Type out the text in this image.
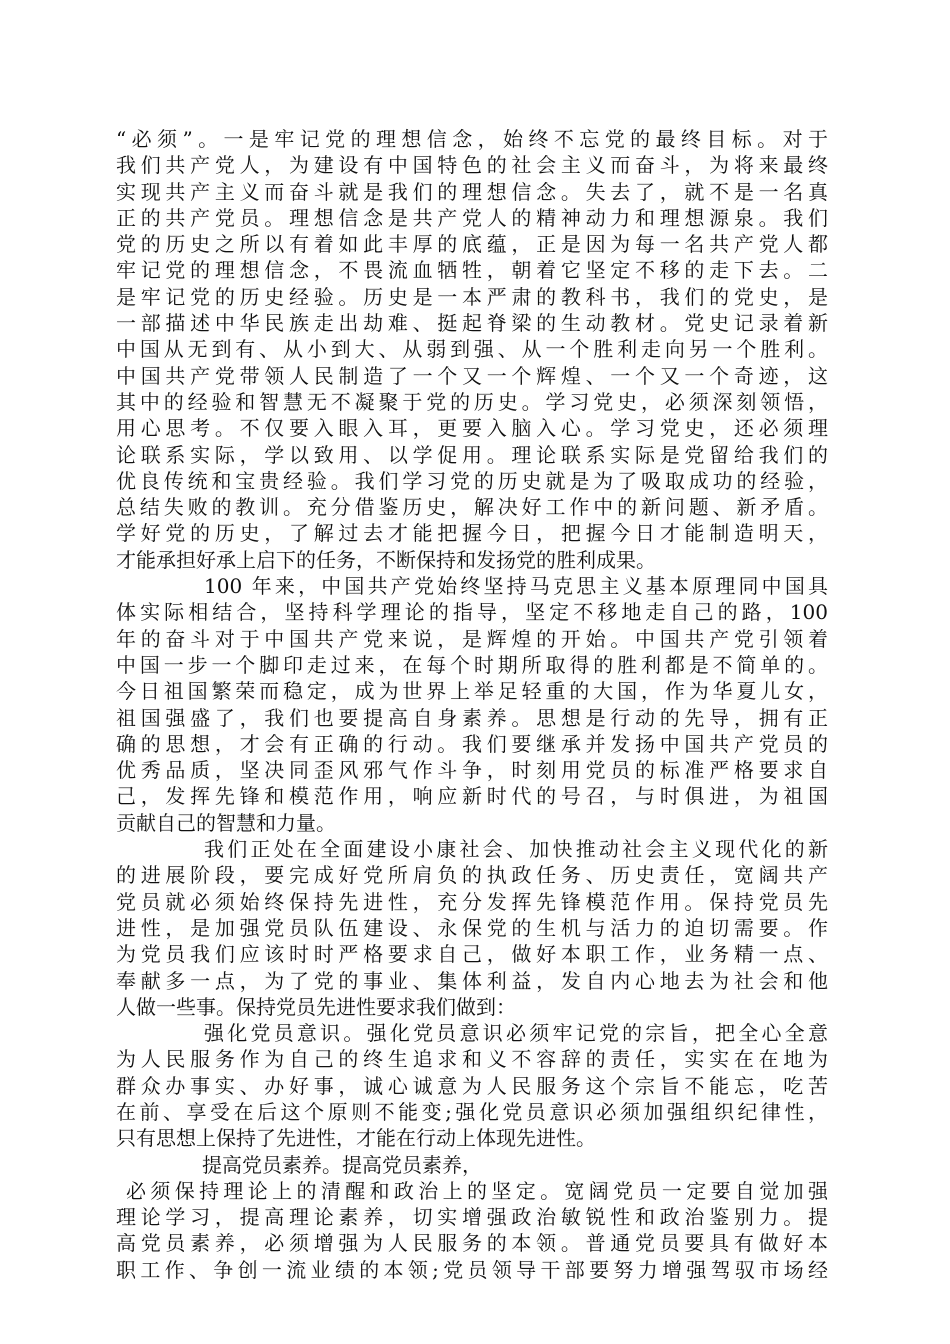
“必须”。一是牢记党的理想信念，始终不忘党的最终目标。对于
我们共产党人，为建设有中国特色的社会主义而奋斗，为将来最终
实现共产主义而奋斗就是我们的理想信念。失去了，就不是一名真
正的共产党员。理想信念是共产党人的精神动力和理想源泉。我们
党的历史之所以有着如此丰厚的底蕴，正是因为每一名共产党人都
牢记党的理想信念，不畏流血牺牲，朝着它坚定不移的走下去。二
是牢记党的历史经验。历史是一本严肃的教科书，我们的党史，是
一部描述中华民族走出劫难、挺起脊梁的生动教材。党史记录着新
中国从无到有、从小到大、从弱到强、从一个胜利走向另一个胜利。
中国共产党带领人民制造了一个又一个辉煌、一个又一个奇迹，这
其中的经验和智慧无不凝聚于党的历史。学习党史，必须深刻领悟，
用心思考。不仅要入眼入耳，更要入脑入心。学习党史，还必须理
论联系实际，学以致用、以学促用。理论联系实际是党留给我们的
优良传统和宝贵经验。我们学习党的历史就是为了吸取成功的经验，
总结失败的教训。充分借鉴历史，解决好工作中的新问题、新矛盾。
学好党的历史，了解过去才能把握今日，把握今日才能制造明天，
才能承担好承上启下的任务，不断保持和发扬党的胜利成果。
100 年来，中国共产党始终坚持马克思主义基本原理同中国具
体实际相结合，坚持科学理论的指导，坚定不移地走自己的路，100
年的奋斗对于中国共产党来说，是辉煌的开始。中国共产党引领着
中国一步一个脚印走过来，在每个时期所取得的胜利都是不简单的。
今日祖国繁荣而稳定，成为世界上举足轻重的大国，作为华夏儿女，
祖国强盛了，我们也要提高自身素养。思想是行动的先导，拥有正
确的思想，才会有正确的行动。我们要继承并发扬中国共产党员的
优秀品质，坚决同歪风邪气作斗争，时刻用党员的标准严格要求自
己，发挥先锋和模范作用，响应新时代的号召，与时俱进，为祖国
贡献自己的智慧和力量。
我们正处在全面建设小康社会、加快推动社会主义现代化的新
的进展阶段，要完成好党所肩负的执政任务、历史责任，宽阔共产
党员就必须始终保持先进性，充分发挥先锋模范作用。保持党员先
进性，是加强党员队伍建设、永保党的生机与活力的迫切需要。作
为党员我们应该时时严格要求自己，做好本职工作，业务精一点、
奉献多一点，为了党的事业、集体利益，发自内心地去为社会和他
人做一些事。保持党员先进性要求我们做到：
强化党员意识。强化党员意识必须牢记党的宗旨，把全心全意
为人民服务作为自己的终生追求和义不容辞的责任，实实在在地为
群众办事实、办好事，诚心诚意为人民服务这个宗旨不能忘，吃苦
在前、享受在后这个原则不能变;强化党员意识必须加强组织纪律性，
只有思想上保持了先进性，才能在行动上体现先进性。
提高党员素养。提高党员素养，
必须保持理论上的清醒和政治上的坚定。宽阔党员一定要自觉加强
理论学习，提高理论素养，切实增强政治敏锐性和政治鉴别力。提
高党员素养，必须增强为人民服务的本领。普通党员要具有做好本
职工作、争创一流业绩的本领;党员领导干部要努力增强驾驭市场经
